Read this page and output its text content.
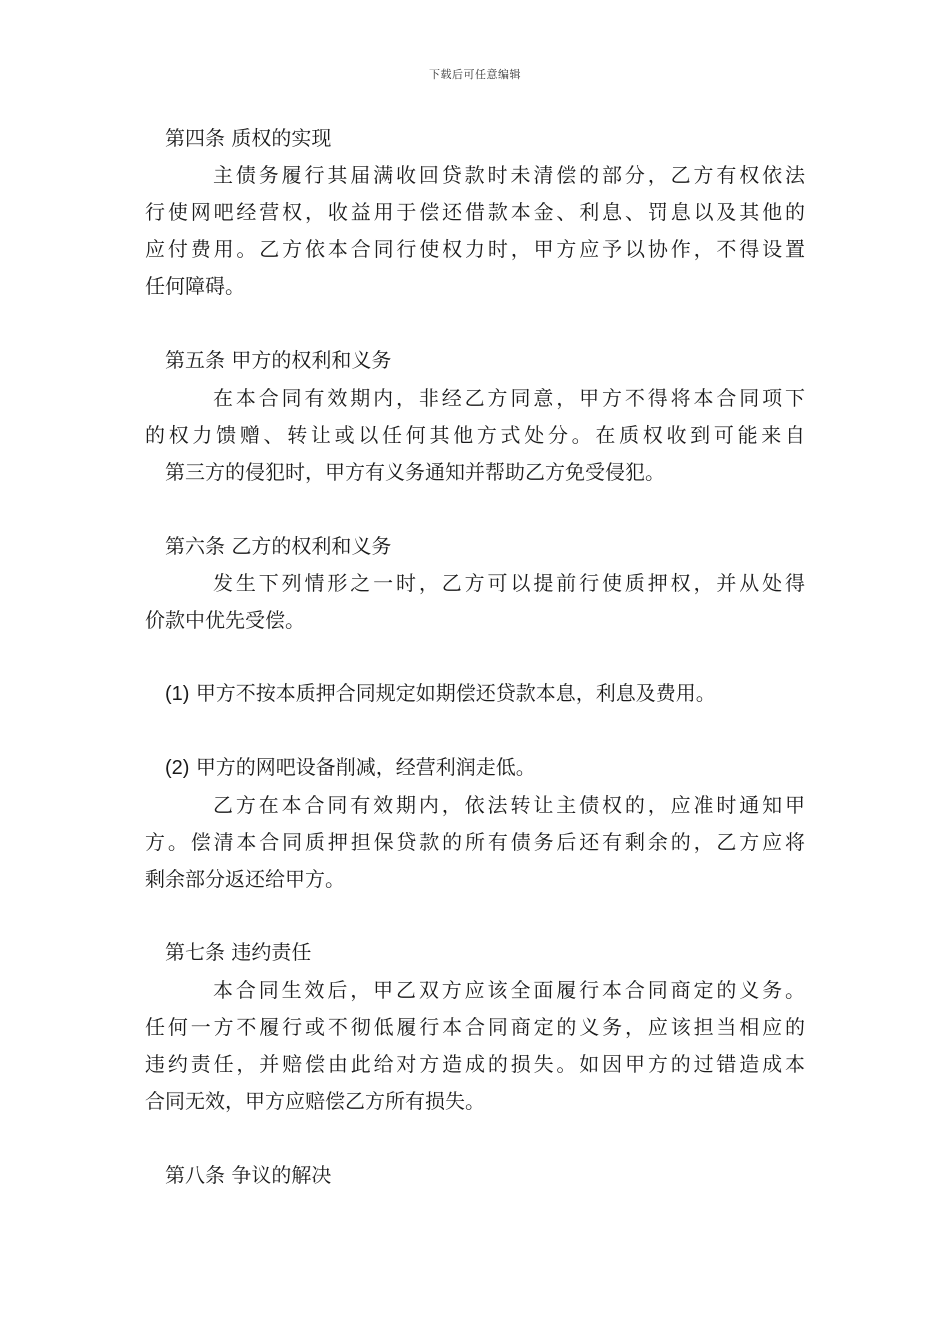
下载后可任意编辑
第四条 质权的实现
主债务履行其届满收回贷款时未清偿的部分，乙方有权依法
行使网吧经营权，收益用于偿还借款本金、利息、罚息以及其他的
应付费用。乙方依本合同行使权力时，甲方应予以协作，不得设置
任何障碍。
第五条 甲方的权利和义务
在本合同有效期内，非经乙方同意，甲方不得将本合同项下
的权力馈赠、转让或以任何其他方式处分。在质权收到可能来自
第三方的侵犯时，甲方有义务通知并帮助乙方免受侵犯。
第六条 乙方的权利和义务
发生下列情形之一时，乙方可以提前行使质押权，并从处得
价款中优先受偿。
(1) 甲方不按本质押合同规定如期偿还贷款本息，利息及费用。
(2) 甲方的网吧设备削减，经营利润走低。
乙方在本合同有效期内，依法转让主债权的，应准时通知甲
方。偿清本合同质押担保贷款的所有债务后还有剩余的，乙方应将
剩余部分返还给甲方。
第七条 违约责任
本合同生效后，甲乙双方应该全面履行本合同商定的义务。
任何一方不履行或不彻低履行本合同商定的义务，应该担当相应的
违约责任，并赔偿由此给对方造成的损失。如因甲方的过错造成本
合同无效，甲方应赔偿乙方所有损失。
第八条 争议的解决
